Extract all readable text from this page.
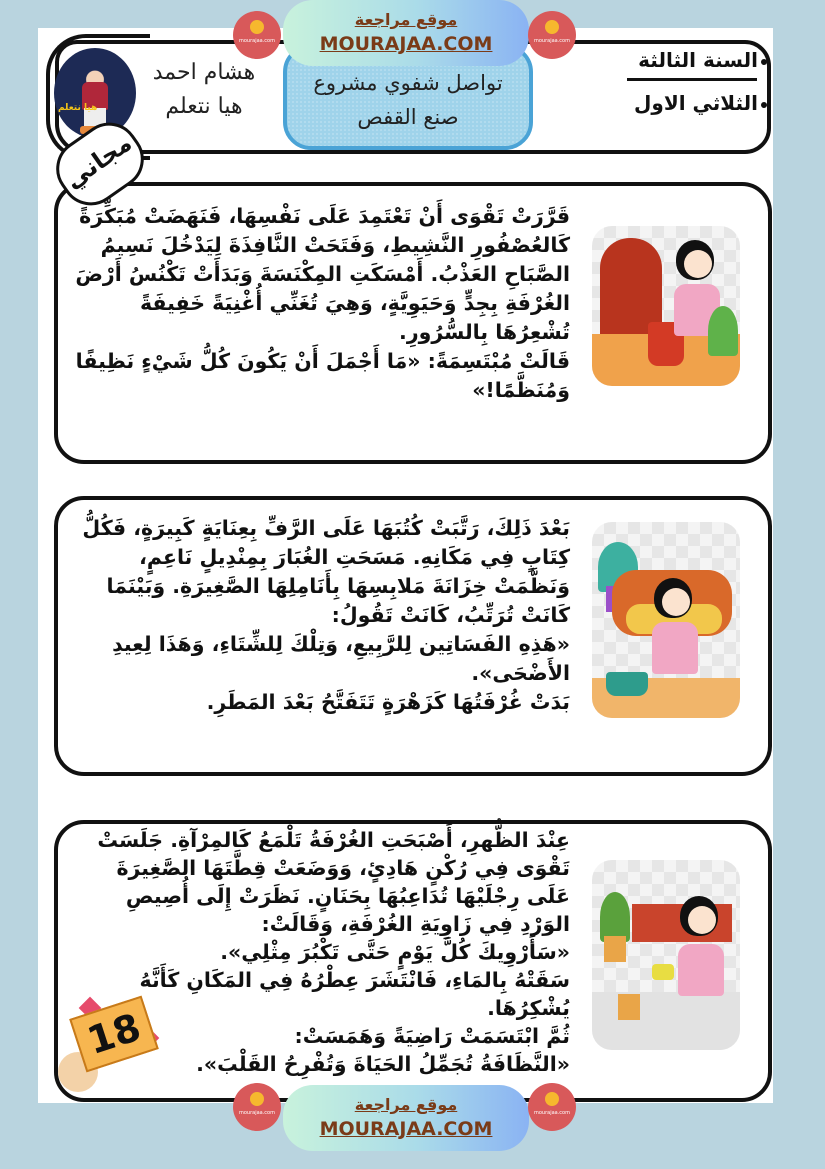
هيا نتعلم
هشام احمد
هيا نتعلم
تواصل شفوي مشروع
صنع القفص
السنة الثالثة
الثلاثي الاول
قَرَّرَتْ تَقْوَى أَنْ تَعْتَمِدَ عَلَى نَفْسِهَا، فَنَهَضَتْ مُبَكِّرَةً كَالعُصْفُورِ النَّشِيطِ، وَفَتَحَتْ النَّافِذَةَ لِيَدْخُلَ نَسِيمُ الصَّبَاحِ العَذْبُ. أَمْسَكَتِ المِكْنَسَةَ وَبَدَأَتْ تَكْنُسُ أَرْضَ الغُرْفَةِ بِجِدٍّ وَحَيَوِيَّةٍ، وَهِيَ تُغَنِّي أُغْنِيَةً خَفِيفَةً تُشْعِرُهَا بِالسُّرُورِ.
قَالَتْ مُبْتَسِمَةً: «مَا أَجْمَلَ أَنْ يَكُونَ كُلُّ شَيْءٍ نَظِيفًا وَمُنَظَّمًا!»
مجاني
بَعْدَ ذَلِكَ، رَتَّبَتْ كُتُبَهَا عَلَى الرَّفِّ بِعِنَايَةٍ كَبِيرَةٍ، فَكُلُّ كِتَابٍ فِي مَكَانِهِ. مَسَحَتِ الغُبَارَ بِمِنْدِيلٍ نَاعِمٍ، وَنَظَّمَتْ خِزَانَةَ مَلابِسِهَا بِأَنَامِلِهَا الصَّغِيرَةِ. وَبَيْنَمَا كَانَتْ تُرَتِّبُ، كَانَتْ تَقُولُ:
«هَذِهِ الفَسَاتِين لِلرَّبِيعِ، وَتِلْكَ لِلشِّتَاءِ، وَهَذَا لِعِيدِ الأَضْحَى».
بَدَتْ غُرْفَتُهَا كَزَهْرَةٍ تَتَفَتَّحُ بَعْدَ المَطَرِ.
عِنْدَ الظُّهرِ، أَصْبَحَتِ الغُرْفَةُ تَلْمَعُ كَالمِرْآةِ. جَلَسَتْ تَقْوَى فِي رُكْنٍ هَادِئٍ، وَوَضَعَتْ قِطَّتَهَا الصَّغِيرَةَ عَلَى رِجْلَيْهَا تُدَاعِبُهَا بِحَنَانٍ. نَظَرَتْ إِلَى أُصِيصِ الوَرْدِ فِي زَاوِيَةِ الغُرْفَةِ، وَقَالَتْ:
«سَأَرْوِيكَ كُلَّ يَوْمٍ حَتَّى تَكْبُرَ مِثْلِي».
سَقَتْهُ بِالمَاءِ، فَانْتَشَرَ عِطْرُهُ فِي المَكَانِ كَأَنَّهُ يُشْكِرُهَا.
ثُمَّ ابْتَسَمَتْ رَاضِيَةً وَهَمَسَتْ:
«النَّظَافَةُ تُجَمِّلُ الحَيَاةَ وَتُفْرِحُ القَلْبَ».
18
mourajaa.com
موقع مراجعة
MOURAJAA.COM	mourajaa.com
mourajaa.com	موقع مراجعة
MOURAJAA.COM
mourajaa.com
